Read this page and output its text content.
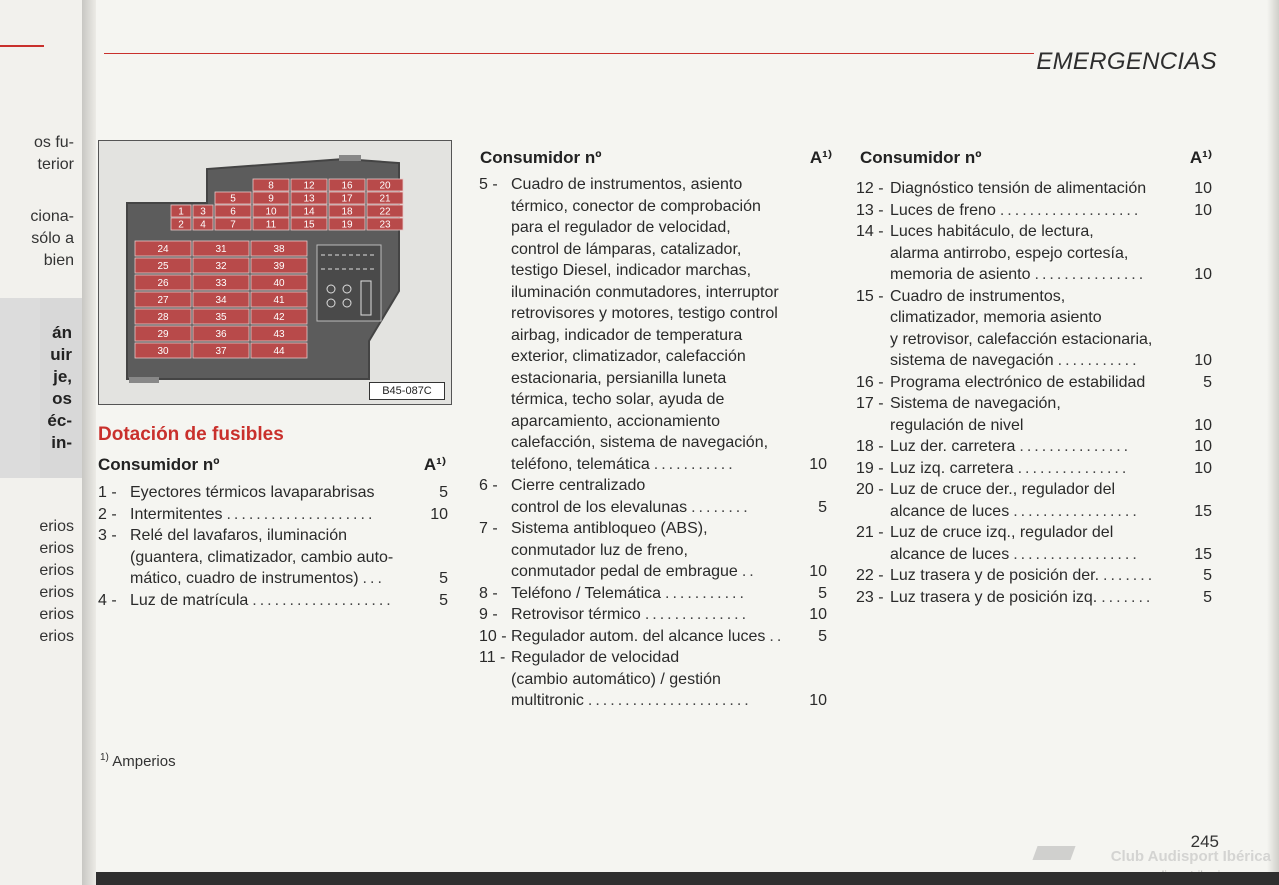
os fu-
terior
ciona-
sólo a
bien
án
uir
je,
os
éc-
in-
erios
erios
erios
erios
erios
erios
EMERGENCIAS
8	12	16	20
5	9	13	17	21
1 3 6	10	14	18	22
2 4 7	11	15	19	23
24	31	38
25	32	39
26	33	40
27	34	41
28	35	42
29	36	43
30	37	44
B45-087C
Dotación de fusibles
Consumidor nº	A¹⁾
1 - Eyectores térmicos lavaparabrisas	5
2 - Intermitentes ....................	10
3 - Relé del lavafaros, iluminación
(guantera, climatizador, cambio auto-
mático, cuadro de instrumentos) ...	5
4 - Luz de matrícula ...................	5
Consumidor nº	A¹⁾
5 - Cuadro de instrumentos, asiento
térmico, conector de comprobación
para el regulador de velocidad,
control de lámparas, catalizador,
testigo Diesel, indicador marchas,
iluminación conmutadores, interruptor
retrovisores y motores, testigo control
airbag, indicador de temperatura
exterior, climatizador, calefacción
estacionaria, persianilla luneta
térmica, techo solar, ayuda de
aparcamiento, accionamiento
calefacción, sistema de navegación,
teléfono, telemática ...........	10
6 - Cierre centralizado
control de los elevalunas ........	5
7 - Sistema antibloqueo (ABS),
conmutador luz de freno,
conmutador pedal de embrague ..	10
8 - Teléfono / Telemática ...........	5
9 - Retrovisor térmico ..............	10
10 - Regulador autom. del alcance luces ..	5
11 - Regulador de velocidad
(cambio automático) / gestión
multitronic ......................	10
Consumidor nº	A¹⁾
12 - Diagnóstico tensión de alimentación	10
13 - Luces de freno ...................	10
14 - Luces habitáculo, de lectura,
alarma antirrobo, espejo cortesía,
memoria de asiento ...............	10
15 - Cuadro de instrumentos,
climatizador, memoria asiento
y retrovisor, calefacción estacionaria,
sistema de navegación ...........	10
16 - Programa electrónico de estabilidad	5
17 - Sistema de navegación,
regulación de nivel	10
18 - Luz der. carretera ...............	10
19 - Luz izq. carretera ...............	10
20 - Luz de cruce der., regulador del
alcance de luces .................	15
21 - Luz de cruce izq., regulador del
alcance de luces .................	15
22 - Luz trasera y de posición der. .......	5
23 - Luz trasera y de posición izq. .......	5
$^{1)}$ Amperios
245
Club Audisport Ibérica
